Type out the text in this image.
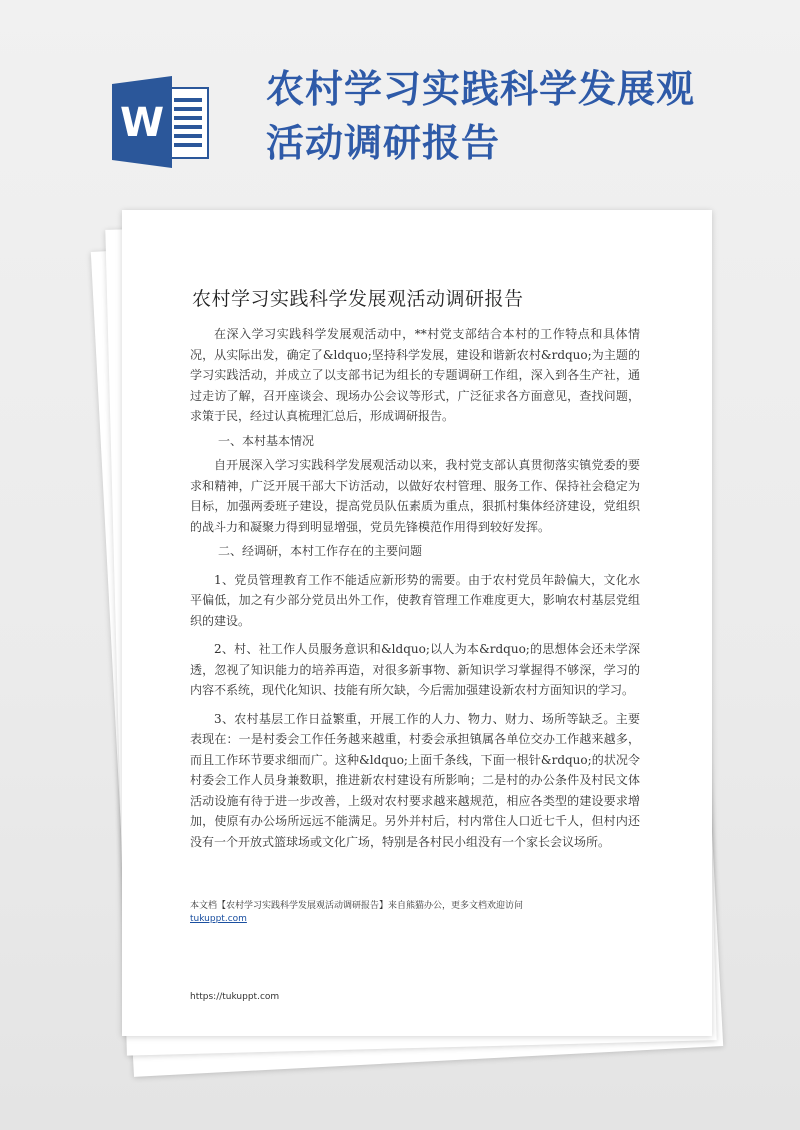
W
农村学习实践科学发展观活动调研报告
农村学习实践科学发展观活动调研报告

在深入学习实践科学发展观活动中，**村党支部结合本村的工作特点和具体情况，从实际出发，确定了&ldquo;坚持科学发展，建设和谐新农村&rdquo;为主题的学习实践活动，并成立了以支部书记为组长的专题调研工作组，深入到各生产社，通过走访了解，召开座谈会、现场办公会议等形式，广泛征求各方面意见，查找问题，求策于民，经过认真梳理汇总后，形成调研报告。

一、本村基本情况

自开展深入学习实践科学发展观活动以来，我村党支部认真贯彻落实镇党委的要求和精神，广泛开展干部大下访活动，以做好农村管理、服务工作、保持社会稳定为目标，加强两委班子建设，提高党员队伍素质为重点，狠抓村集体经济建设，党组织的战斗力和凝聚力得到明显增强，党员先锋模范作用得到较好发挥。

二、经调研，本村工作存在的主要问题

1、党员管理教育工作不能适应新形势的需要。由于农村党员年龄偏大，文化水平偏低，加之有少部分党员出外工作，使教育管理工作难度更大，影响农村基层党组织的建设。

2、村、社工作人员服务意识和&ldquo;以人为本&rdquo;的思想体会还未学深透，忽视了知识能力的培养再造，对很多新事物、新知识学习掌握得不够深，学习的内容不系统，现代化知识、技能有所欠缺，今后需加强建设新农村方面知识的学习。

3、农村基层工作日益繁重，开展工作的人力、物力、财力、场所等缺乏。主要表现在：一是村委会工作任务越来越重，村委会承担镇属各单位交办工作越来越多，而且工作环节要求细而广。这种&ldquo;上面千条线，下面一根针&rdquo;的状况令村委会工作人员身兼数职，推进新农村建设有所影响；二是村的办公条件及村民文体活动设施有待于进一步改善，上级对农村要求越来越规范，相应各类型的建设要求增加，使原有办公场所远远不能满足。另外并村后，村内常住人口近七千人，但村内还没有一个开放式篮球场或文化广场，特别是各村民小组没有一个家长会议场所。

本文档【农村学习实践科学发展观活动调研报告】来自熊猫办公，更多文档欢迎访问
tukuppt.com
https://tukuppt.com
